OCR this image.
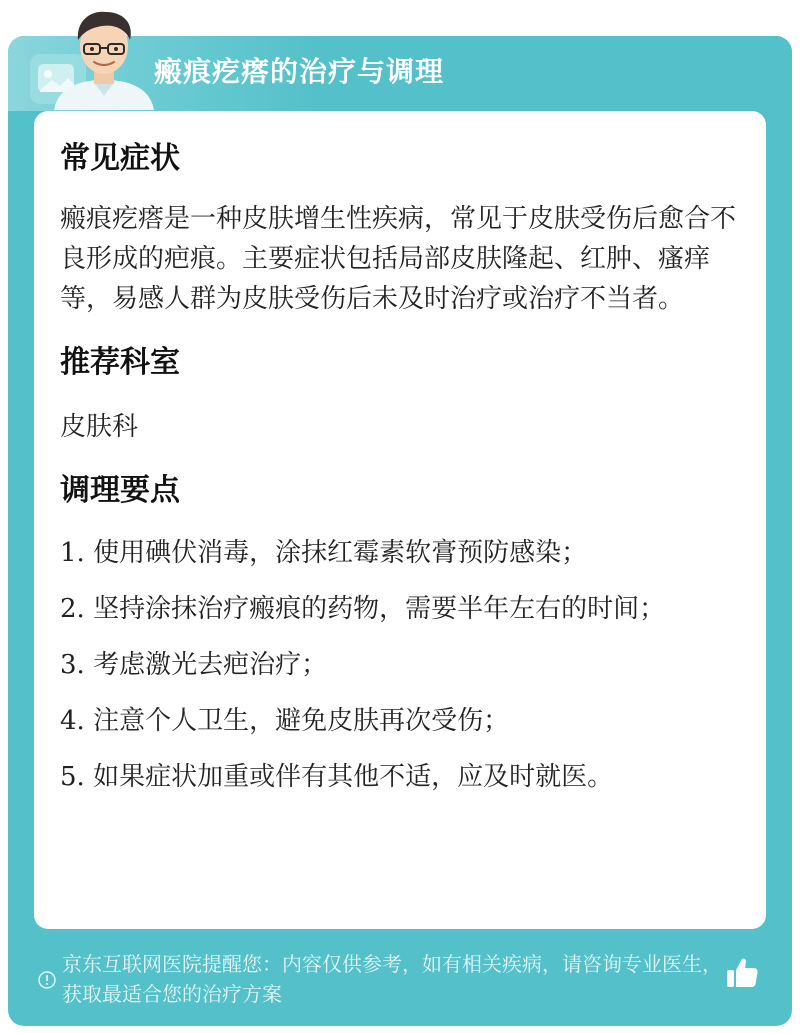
瘢痕疙瘩的治疗与调理
常见症状

瘢痕疙瘩是一种皮肤增生性疾病，常见于皮肤受伤后愈合不良形成的疤痕。主要症状包括局部皮肤隆起、红肿、瘙痒等，易感人群为皮肤受伤后未及时治疗或治疗不当者。

推荐科室

皮肤科

调理要点
1. 使用碘伏消毒，涂抹红霉素软膏预防感染；
2. 坚持涂抹治疗瘢痕的药物，需要半年左右的时间；
3. 考虑激光去疤治疗；
4. 注意个人卫生，避免皮肤再次受伤；
5. 如果症状加重或伴有其他不适，应及时就医。
京东互联网医院提醒您：内容仅供参考，如有相关疾病，请咨询专业医生，获取最适合您的治疗方案
